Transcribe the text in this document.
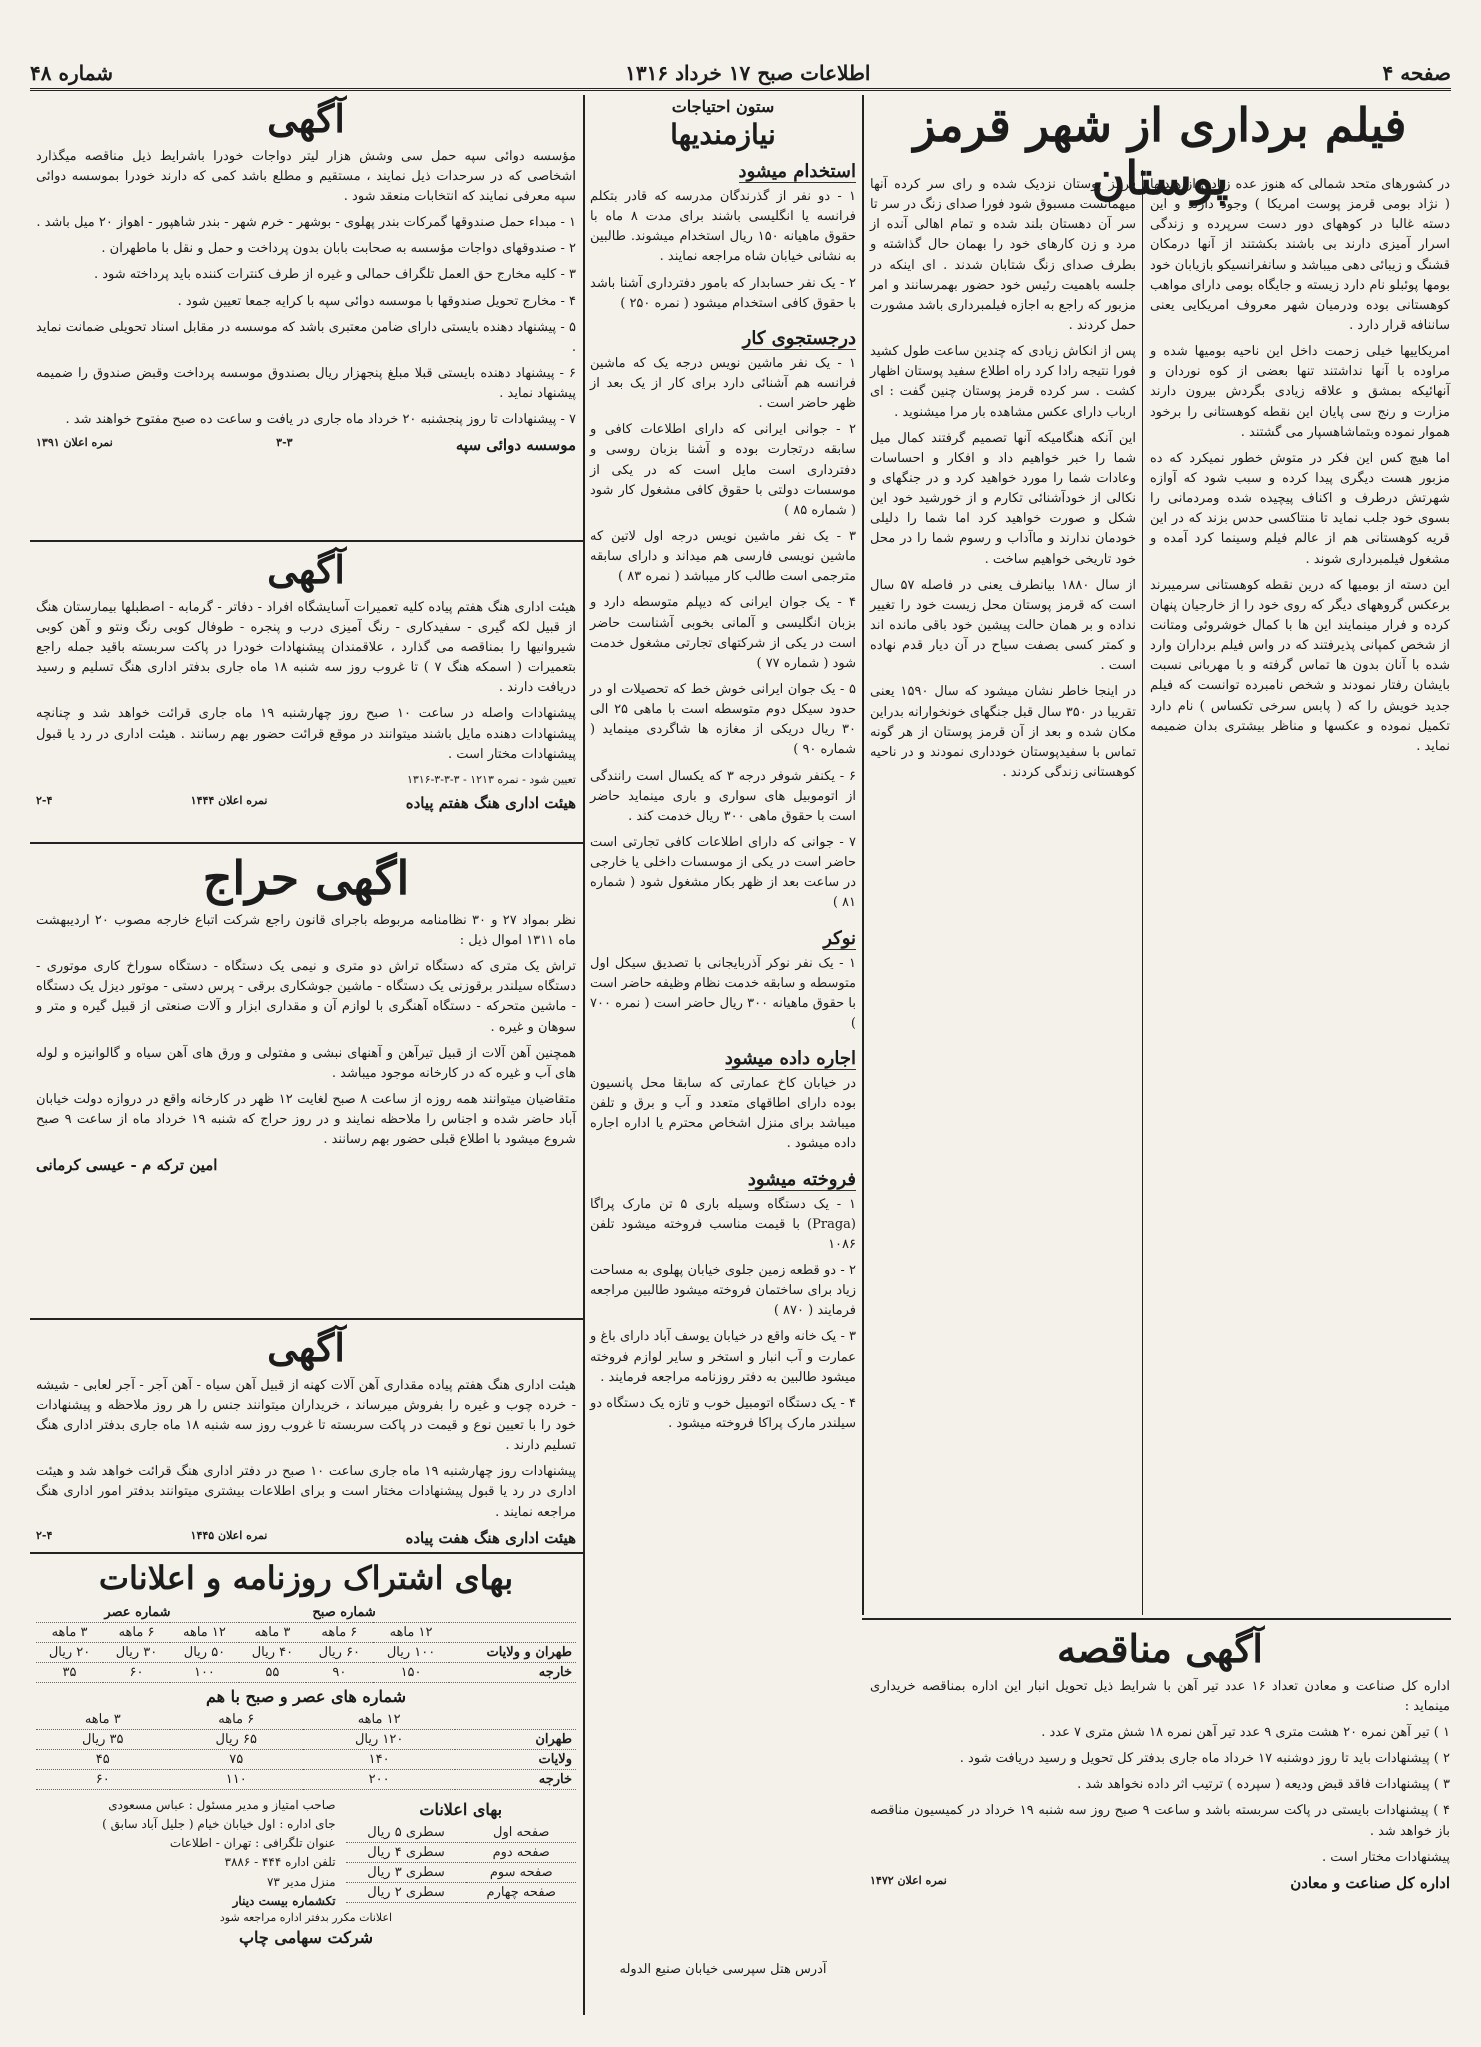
صفحه ۴
اطلاعات صبح ۱۷ خرداد ۱۳۱۶
شماره ۴۸
فیلم برداری از شهر قرمز پوستان

در کشورهای متحد شمالی که هنوز عده زیادی از هندیها ( نژاد بومی قرمز پوست امریکا ) وجود دارند و این دسته غالبا در کوههای دور دست سرپرده و زندگی اسرار آمیزی دارند بی باشند بکشتند از آنها درمکان قشنگ و زیبائی دهی میباشد و سانفرانسیکو بازیابان خود بومها پوئبلو نام دارد زیسته و جایگاه بومی دارای مواهب کوهستانی بوده ودرمیان شهر معروف امریکایی یعنی ساننافه قرار دارد .

امریکاییها خیلی زحمت داخل این ناحیه بومیها شده و مراوده با آنها نداشتند تنها بعضی از کوه نوردان و آنهائیکه بمشق و علاقه زیادی بگردش بیرون دارند مزارت و رنج سی پایان این نقطه کوهستانی را برخود هموار نموده وبتماشاهسپار می گشتند .

اما هیچ کس این فکر در متوش خطور نمیکرد که ده مزبور هست دیگری پیدا کرده و سبب شود که آوازه شهرتش درطرف و اکناف پیچیده شده ومردمانی را بسوی خود جلب نماید تا منتاکسی حدس بزند که در این قریه کوهستانی هم از عالم فیلم وسینما کرد آمده و مشغول فیلمبرداری شوند .

این دسته از بومیها که درین نقطه کوهستانی سرمیبرند برعکس گروههای دیگر که روی خود را از خارجیان پنهان کرده و فرار مینمایند این ها با کمال خوشروئی ومتانت از شخص کمپانی پذیرفتند که در واس فیلم برداران وارد شده با آنان بدون ها تماس گرفته و با مهربانی نسبت بایشان رفتار نمودند و شخص نامبرده توانست که فیلم جدید خویش را که ( پابس سرخی تکساس ) نام دارد تکمیل نموده و عکسها و مناظر بیشتری بدان ضمیمه نماید .

قرمز پوستان نزدیک شده و رای سر کرده آنها میهمانست مسبوق شود فورا صدای زنگ در سر تا سر آن دهستان بلند شده و تمام اهالی آنده از مرد و زن کارهای خود را بهمان حال گذاشته و بطرف صدای زنگ شتابان شدند . ای اینکه در جلسه باهمیت رئیس خود حضور بهمرسانند و امر مزبور که راجع به اجازه فیلمبرداری باشد مشورت حمل کردند .

پس از انکاش زیادی که چندین ساعت طول کشید فورا نتیجه رادا کرد راه اطلاع سفید پوستان اظهار کشت . سر کرده قرمز پوستان چنین گفت : ای ارباب دارای عکس مشاهده بار مرا میشنوید .

این آنکه هنگامیکه آنها تصمیم گرفتند کمال میل شما را خبر خواهیم داد و افکار و احساسات وعادات شما را مورد خواهید کرد و در جنگهای و نکالی از خودآشنائی تکارم و از خورشید خود این شکل و صورت خواهید کرد اما شما را دلیلی خودمان ندارند و ماآداب و رسوم شما را در محل خود تاریخی خواهیم ساخت .

از سال ۱۸۸۰ بیانطرف یعنی در فاصله ۵۷ سال است که قرمز پوستان محل زیست خود را تغییر نداده و بر همان حالت پیشین خود باقی مانده اند و کمتر کسی بصفت سیاح در آن دیار قدم نهاده است .

در اینجا خاطر نشان میشود که سال ۱۵۹۰ یعنی تقریبا در ۳۵۰ سال قبل جنگهای خونخوارانه بدراین مکان شده و بعد از آن قرمز پوستان از هر گونه تماس با سفیدپوستان خودداری نمودند و در ناحیه کوهستانی زندگی کردند .

آگهی مناقصه

اداره کل صناعت و معادن تعداد ۱۶ عدد تیر آهن با شرایط ذیل تحویل انبار این اداره بمناقصه خریداری مینماید :

۱ ) تیر آهن نمره ۲۰ هشت متری ۹ عدد تیر آهن نمره ۱۸ شش متری ۷ عدد .

۲ ) پیشنهادات باید تا روز دوشنبه ۱۷ خرداد ماه جاری بدفتر کل تحویل و رسید دریافت شود .

۳ ) پیشنهادات فاقد قبض ودیعه ( سپرده ) ترتیب اثر داده نخواهد شد .

۴ ) پیشنهادات بایستی در پاکت سربسته باشد و ساعت ۹ صبح روز سه شنبه ۱۹ خرداد در کمیسیون مناقصه باز خواهد شد .

پیشنهادات مختار است .

اداره کل صناعت و معادن
نمره اعلان ۱۴۷۲
ستون احتیاجات
نیازمندیها
استخدام میشود

۱ - دو نفر از گذرندگان مدرسه که قادر بتکلم فرانسه یا انگلیسی باشند برای مدت ۸ ماه با حقوق ماهیانه ۱۵۰ ریال استخدام میشوند. طالبین به نشانی خیابان شاه مراجعه نمایند .

۲ - یک نفر حسابدار که بامور دفترداری آشنا باشد با حقوق کافی استخدام میشود ( نمره ۲۵۰ )

درجستجوی کار

۱ - یک نفر ماشین نویس درجه یک که ماشین فرانسه هم آشنائی دارد برای کار از یک بعد از ظهر حاضر است .

۲ - جوانی ایرانی که دارای اطلاعات کافی و سابقه درتجارت بوده و آشنا بزبان روسی و دفترداری است مایل است که در یکی از موسسات دولتی با حقوق کافی مشغول کار شود ( شماره ۸۵ )

۳ - یک نفر ماشین نویس درجه اول لاتین که ماشین نویسی فارسی هم میداند و دارای سابقه مترجمی است طالب کار میباشد ( نمره ۸۳ )

۴ - یک جوان ایرانی که دیپلم متوسطه دارد و بزبان انگلیسی و آلمانی بخوبی آشناست حاضر است در یکی از شرکتهای تجارتی مشغول خدمت شود ( شماره ۷۷ )

۵ - یک جوان ایرانی خوش خط که تحصیلات او در حدود سیکل دوم متوسطه است با ماهی ۲۵ الی ۳۰ ریال دریکی از مغازه ها شاگردی مینماید ( شماره ۹۰ )

۶ - یکنفر شوفر درجه ۳ که یکسال است رانندگی از اتوموبیل های سواری و باری مینماید حاضر است با حقوق ماهی ۳۰۰ ریال خدمت کند .

۷ - جوانی که دارای اطلاعات کافی تجارتی است حاضر است در یکی از موسسات داخلی یا خارجی در ساعت بعد از ظهر بکار مشغول شود ( شماره ۸۱ )

نوکر

۱ - یک نفر نوکر آذربایجانی با تصدیق سیکل اول متوسطه و سابقه خدمت نظام وظیفه حاضر است با حقوق ماهیانه ۳۰۰ ریال حاضر است ( نمره ۷۰۰ )

اجاره داده میشود

در خیابان کاخ عمارتی که سابقا محل پانسیون بوده دارای اطاقهای متعدد و آب و برق و تلفن میباشد برای منزل اشخاص محترم یا اداره اجاره داده میشود .

فروخته میشود

۱ - یک دستگاه وسیله باری ۵ تن مارک پراگا (Praga) با قیمت مناسب فروخته میشود تلفن ۱۰۸۶

۲ - دو قطعه زمین جلوی خیابان پهلوی به مساحت زیاد برای ساختمان فروخته میشود طالبین مراجعه فرمایند ( ۸۷۰ )

۳ - یک خانه واقع در خیابان یوسف آباد دارای باغ و عمارت و آب انبار و استخر و سایر لوازم فروخته میشود طالبین به دفتر روزنامه مراجعه فرمایند .

۴ - یک دستگاه اتومبیل خوب و تازه یک دستگاه دو سیلندر مارک پراکا فروخته میشود .

آدرس هتل سپرسی خیابان صنیع الدوله

آگهی

مؤسسه دوائی سپه حمل سی وشش هزار لیتر دواجات خودرا باشرایط ذیل مناقصه میگذارد اشخاصی که در سرحدات ذیل نمایند ، مستقیم و مطلع باشد کمی که دارند خودرا بموسسه دوائی سپه معرفی نمایند که انتخابات منعقد شود .

۱ - مبداء حمل صندوقها گمرکات بندر پهلوی - بوشهر - خرم شهر - بندر شاهپور - اهواز ۲۰ میل باشد .

۲ - صندوقهای دواجات مؤسسه به صحابت بابان بدون پرداخت و حمل و نقل با ماطهران .

۳ - کلیه مخارج حق العمل تلگراف حمالی و غیره از طرف کنترات کننده باید پرداخته شود .

۴ - مخارج تحویل صندوقها با موسسه دوائی سپه با کرایه جمعا تعیین شود .

۵ - پیشنهاد دهنده بایستی دارای ضامن معتبری باشد که موسسه در مقابل اسناد تحویلی ضمانت نماید .

۶ - پیشنهاد دهنده بایستی قبلا مبلغ پنجهزار ریال بصندوق موسسه پرداخت وقبض صندوق را ضمیمه پیشنهاد نماید .

۷ - پیشنهادات تا روز پنجشنبه ۲۰ خرداد ماه جاری در یافت و ساعت ده صبح مفتوح خواهند شد .

موسسه دوائی سپه
۳-۳
نمره اعلان ۱۳۹۱
آگهی

هیئت اداری هنگ هفتم پیاده کلیه تعمیرات آسایشگاه افراد - دفاتر - گرمابه - اصطبلها بیمارستان هنگ از قبیل لکه گیری - سفیدکاری - رنگ آمیزی درب و پنجره - طوفال کوبی رنگ ونتو و آهن کوبی شیروانیها را بمناقصه می گذارد ، علاقمندان پیشنهادات خودرا در پاکت سربسته باقید جمله راجع بتعمیرات ( اسمکه هنگ ۷ ) تا غروب روز سه شنبه ۱۸ ماه جاری بدفتر اداری هنگ تسلیم و رسید دریافت دارند .

پیشنهادات واصله در ساعت ۱۰ صبح روز چهارشنبه ۱۹ ماه جاری قرائت خواهد شد و چنانچه پیشنهادات دهنده مایل باشند میتوانند در موقع قرائت حضور بهم رسانند . هیئت اداری در رد یا قبول پیشنهادات مختار است .

تعیین شود - نمره ۱۲۱۳ - ۳-۳-۳-۱۳۱۶

هیئت اداری هنگ هفتم پیاده
نمره اعلان ۱۴۴۴
۲-۴
اگهی حراج

نظر بمواد ۲۷ و ۳۰ نظامنامه مربوطه باجرای قانون راجع شرکت اتباع خارجه مصوب ۲۰ اردیبهشت ماه ۱۳۱۱ اموال ذیل :

تراش یک متری که دستگاه تراش دو متری و نیمی یک دستگاه - دستگاه سوراخ کاری موتوری - دستگاه سیلندر برقوزنی یک دستگاه - ماشین جوشکاری برقی - پرس دستی - موتور دیزل یک دستگاه - ماشین متحرکه - دستگاه آهنگری با لوازم آن و مقداری ابزار و آلات صنعتی از قبیل گیره و متر و سوهان و غیره .

همچنین آهن آلات از قبیل تیرآهن و آهنهای نبشی و مفتولی و ورق های آهن سیاه و گالوانیزه و لوله های آب و غیره که در کارخانه موجود میباشد .

متقاضیان میتوانند همه روزه از ساعت ۸ صبح لغایت ۱۲ ظهر در کارخانه واقع در دروازه دولت خیابان آباد حاضر شده و اجناس را ملاحظه نمایند و در روز حراج که شنبه ۱۹ خرداد ماه از ساعت ۹ صبح شروع میشود با اطلاع قبلی حضور بهم رسانند .

امین ترکه م - عیسی کرمانی
آگهی

هیئت اداری هنگ هفتم پیاده مقداری آهن آلات کهنه از قبیل آهن سیاه - آهن آجر - آجر لعابی - شیشه - خرده چوب و غیره را بفروش میرساند ، خریداران میتوانند جنس را هر روز ملاحظه و پیشنهادات خود را با تعیین نوع و قیمت در پاکت سربسته تا غروب روز سه شنبه ۱۸ ماه جاری بدفتر اداری هنگ تسلیم دارند .

پیشنهادات روز چهارشنبه ۱۹ ماه جاری ساعت ۱۰ صبح در دفتر اداری هنگ قرائت خواهد شد و هیئت اداری در رد یا قبول پیشنهادات مختار است و برای اطلاعات بیشتری میتوانند بدفتر امور اداری هنگ مراجعه نمایند .

هیئت اداری هنگ هفت پیاده
نمره اعلان ۱۴۴۵
۲-۴
بهای اشتراک روزنامه و اعلانات
	شماره صبح			شماره عصر		
	۱۲ ماهه	۶ ماهه	۳ ماهه	۱۲ ماهه	۶ ماهه	۳ ماهه
طهران و ولایات	۱۰۰ ریال	۶۰ ریال	۴۰ ریال	۵۰ ریال	۳۰ ریال	۲۰ ریال
خارجه	۱۵۰	۹۰	۵۵	۱۰۰	۶۰	۳۵
شماره های عصر و صبح با هم
	۱۲ ماهه	۶ ماهه	۳ ماهه
طهران	۱۲۰ ریال	۶۵ ریال	۳۵ ریال
ولایات	۱۴۰	۷۵	۴۵
خارجه	۲۰۰	۱۱۰	۶۰
بهای اعلانات
صفحه اول	سطری ۵ ریال
صفحه دوم	سطری ۴ ریال
صفحه سوم	سطری ۳ ریال
صفحه چهارم	سطری ۲ ریال
صاحب امتیاز و مدیر مسئول : عباس مسعودی
جای اداره : اول خیابان خیام ( جلیل آباد سابق )
عنوان تلگرافی : تهران - اطلاعات
تلفن اداره ۴۴۴ - ۳۸۸۶
منزل مدیر ۷۳
تکشماره بیست دینار
اعلانات مکرر بدفتر اداره مراجعه شود
شرکت سهامی چاپ
